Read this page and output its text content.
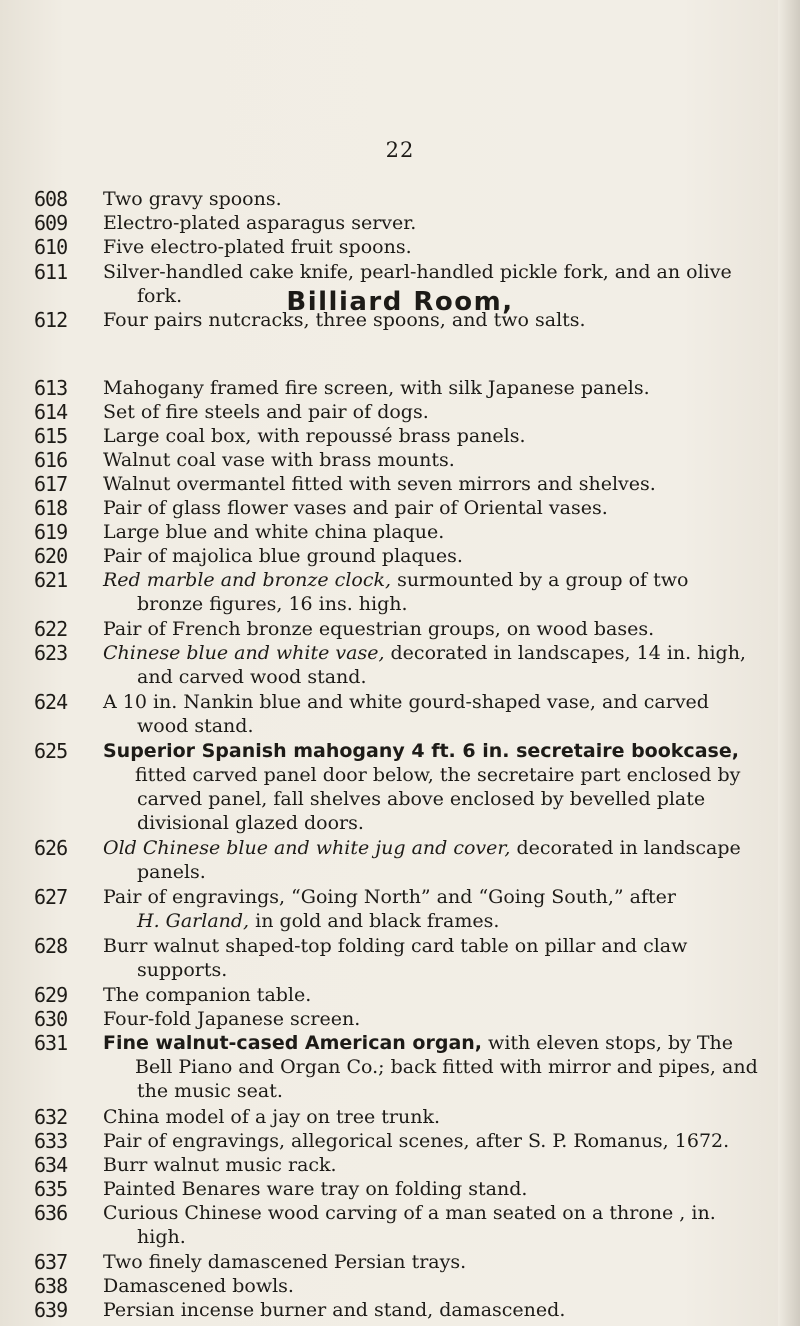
22
Billiard Room,
608	Two gravy spoons.
609	Electro-plated asparagus server.
610	Five electro-plated fruit spoons.
611	Silver-handled cake knife, pearl-handled pickle fork, and an olive
fork.
612	Four pairs nutcracks, three spoons, and two salts.
613	Mahogany framed fire screen, with silk Japanese panels.
614	Set of fire steels and pair of dogs.
615	Large coal box, with repoussé brass panels.
616	Walnut coal vase with brass mounts.
617	Walnut overmantel fitted with seven mirrors and shelves.
618	Pair of glass flower vases and pair of Oriental vases.
619	Large blue and white china plaque.
620	Pair of majolica blue ground plaques.
621	Red marble and bronze clock, surmounted by a group of two
bronze figures, 16 ins. high.
622	Pair of French bronze equestrian groups, on wood bases.
623	Chinese blue and white vase, decorated in landscapes, 14 in. high,
and carved wood stand.
624	A 10 in. Nankin blue and white gourd-shaped vase, and carved
wood stand.
625	Superior Spanish mahogany 4 ft. 6 in. secretaire bookcase,
fitted carved panel door below, the secretaire part enclosed by carved panel, fall shelves above enclosed by bevelled plate divisional glazed doors.
626	Old Chinese blue and white jug and cover, decorated in landscape
panels.
627	Pair of engravings, “Going North” and “Going South,” after
H. Garland, in gold and black frames.
628	Burr walnut shaped-top folding card table on pillar and claw
supports.
629	The companion table.
630	Four-fold Japanese screen.
631	Fine walnut-cased American organ, with eleven stops, by The
Bell Piano and Organ Co.; back fitted with mirror and pipes, and the music seat.
632	China model of a jay on tree trunk.
633	Pair of engravings, allegorical scenes, after S. P. Romanus, 1672.
634	Burr walnut music rack.
635	Painted Benares ware tray on folding stand.
636	Curious Chinese wood carving of a man seated on a throne , in.
high.
637	Two finely damascened Persian trays.
638	Damascened bowls.
639	Persian incense burner and stand, damascened.
